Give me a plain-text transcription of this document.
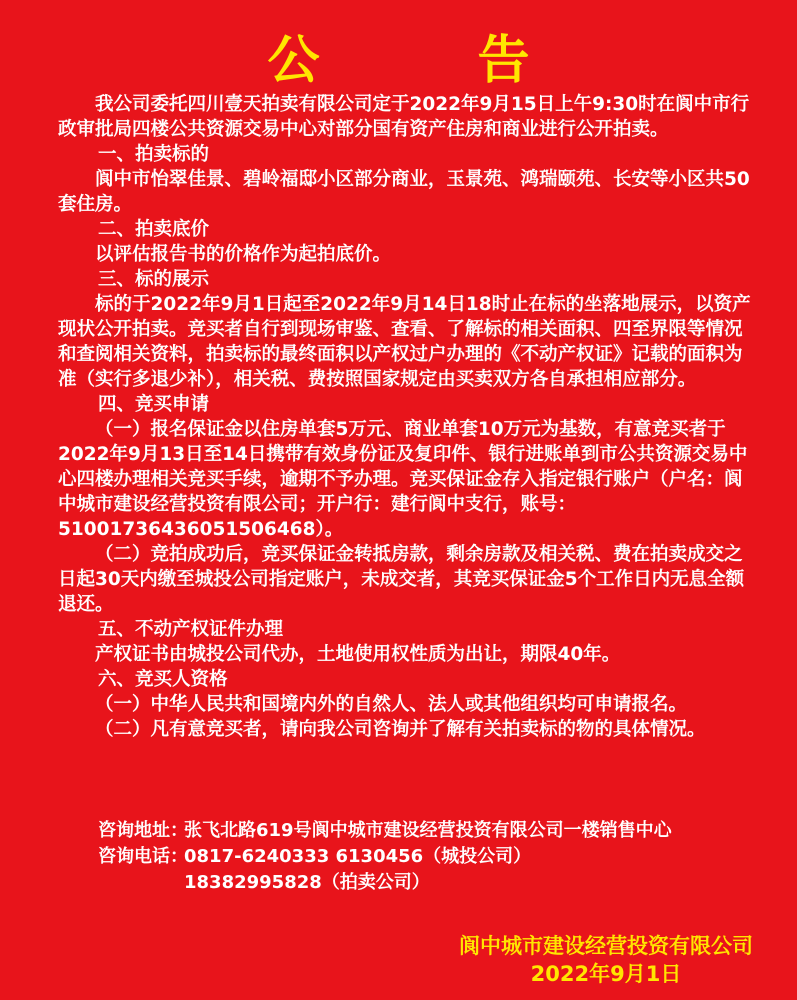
公 告

我公司委托四川壹天拍卖有限公司定于2022年9月15日上午9:30时在阆中市行政审批局四楼公共资源交易中心对部分国有资产住房和商业进行公开拍卖。

一、拍卖标的

阆中市怡翠佳景、碧岭福邸小区部分商业，玉景苑、鸿瑞颐苑、长安等小区共50套住房。

二、拍卖底价

以评估报告书的价格作为起拍底价。

三、标的展示

标的于2022年9月1日起至2022年9月14日18时止在标的坐落地展示，以资产现状公开拍卖。竞买者自行到现场审鉴、查看、了解标的相关面积、四至界限等情况和查阅相关资料，拍卖标的最终面积以产权过户办理的《不动产权证》记载的面积为准（实行多退少补），相关税、费按照国家规定由买卖双方各自承担相应部分。

四、竞买申请

（一）报名保证金以住房单套5万元、商业单套10万元为基数，有意竞买者于2022年9月13日至14日携带有效身份证及复印件、银行进账单到市公共资源交易中心四楼办理相关竞买手续，逾期不予办理。竞买保证金存入指定银行账户（户名：阆中城市建设经营投资有限公司；开户行：建行阆中支行，账号：51001736436051506468）。

（二）竞拍成功后，竞买保证金转抵房款，剩余房款及相关税、费在拍卖成交之日起30天内缴至城投公司指定账户，未成交者，其竞买保证金5个工作日内无息全额退还。

五、不动产权证件办理

产权证书由城投公司代办，土地使用权性质为出让，期限40年。

六、竞买人资格

（一）中华人民共和国境内外的自然人、法人或其他组织均可申请报名。

（二）凡有意竞买者，请向我公司咨询并了解有关拍卖标的物的具体情况。

咨询地址：张飞北路619号阆中城市建设经营投资有限公司一楼销售中心
咨询电话：0817-6240333 6130456（城投公司）
18382995828（拍卖公司）
阆中城市建设经营投资有限公司
2022年9月1日
